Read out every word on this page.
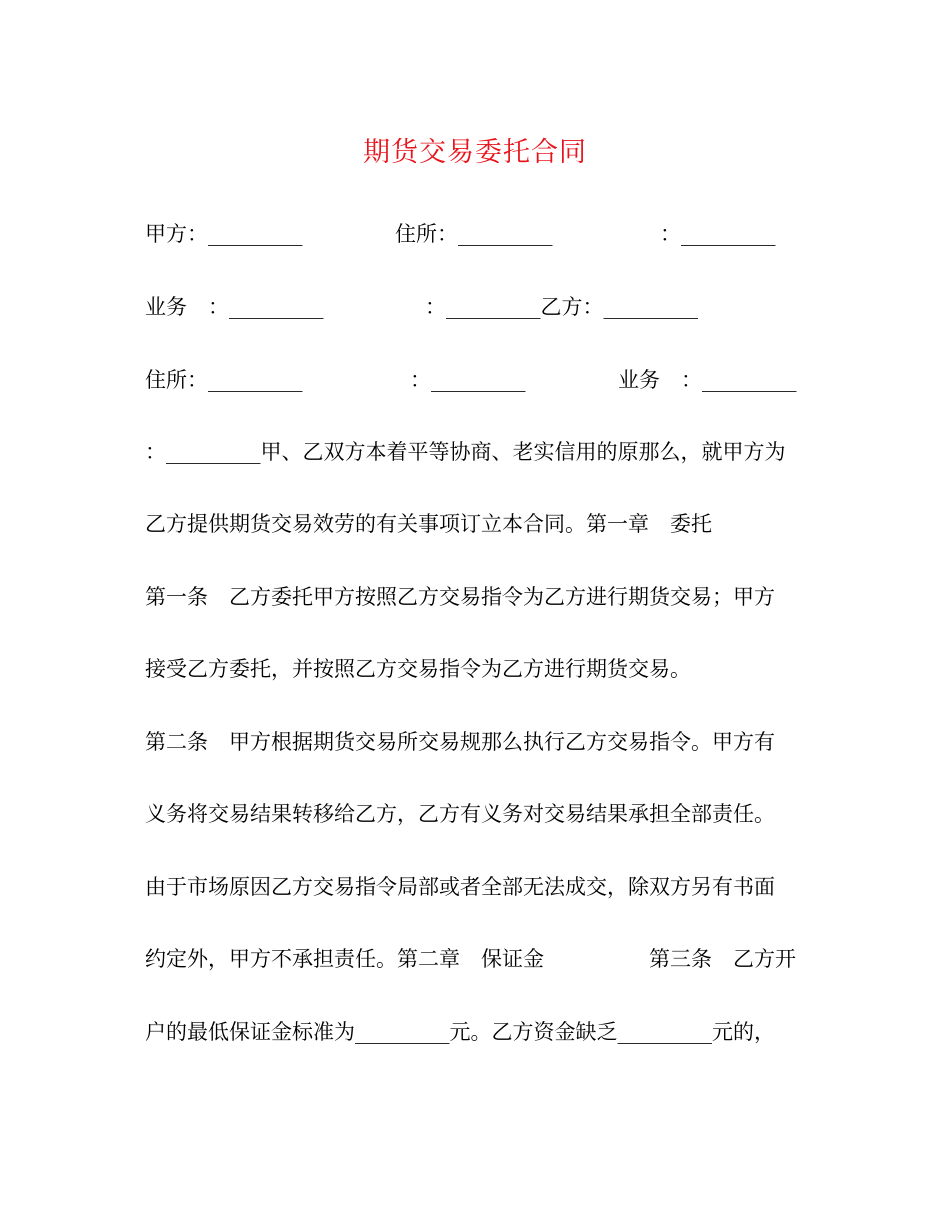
期货交易委托合同
甲方：_________	住所：_________	：_________
业务　：_________	：_________乙方：_________
住所：_________	：_________	业务　：_________
：_________甲、乙双方本着平等协商、老实信用的原那么，就甲方为
乙方提供期货交易效劳的有关事项订立本合同。第一章　委托
第一条　乙方委托甲方按照乙方交易指令为乙方进行期货交易；甲方
接受乙方委托，并按照乙方交易指令为乙方进行期货交易。
第二条　甲方根据期货交易所交易规那么执行乙方交易指令。甲方有
义务将交易结果转移给乙方，乙方有义务对交易结果承担全部责任。
由于市场原因乙方交易指令局部或者全部无法成交，除双方另有书面
约定外，甲方不承担责任。第二章　保证金　　　　　第三条　乙方开
户的最低保证金标准为_________元。乙方资金缺乏_________元的，
